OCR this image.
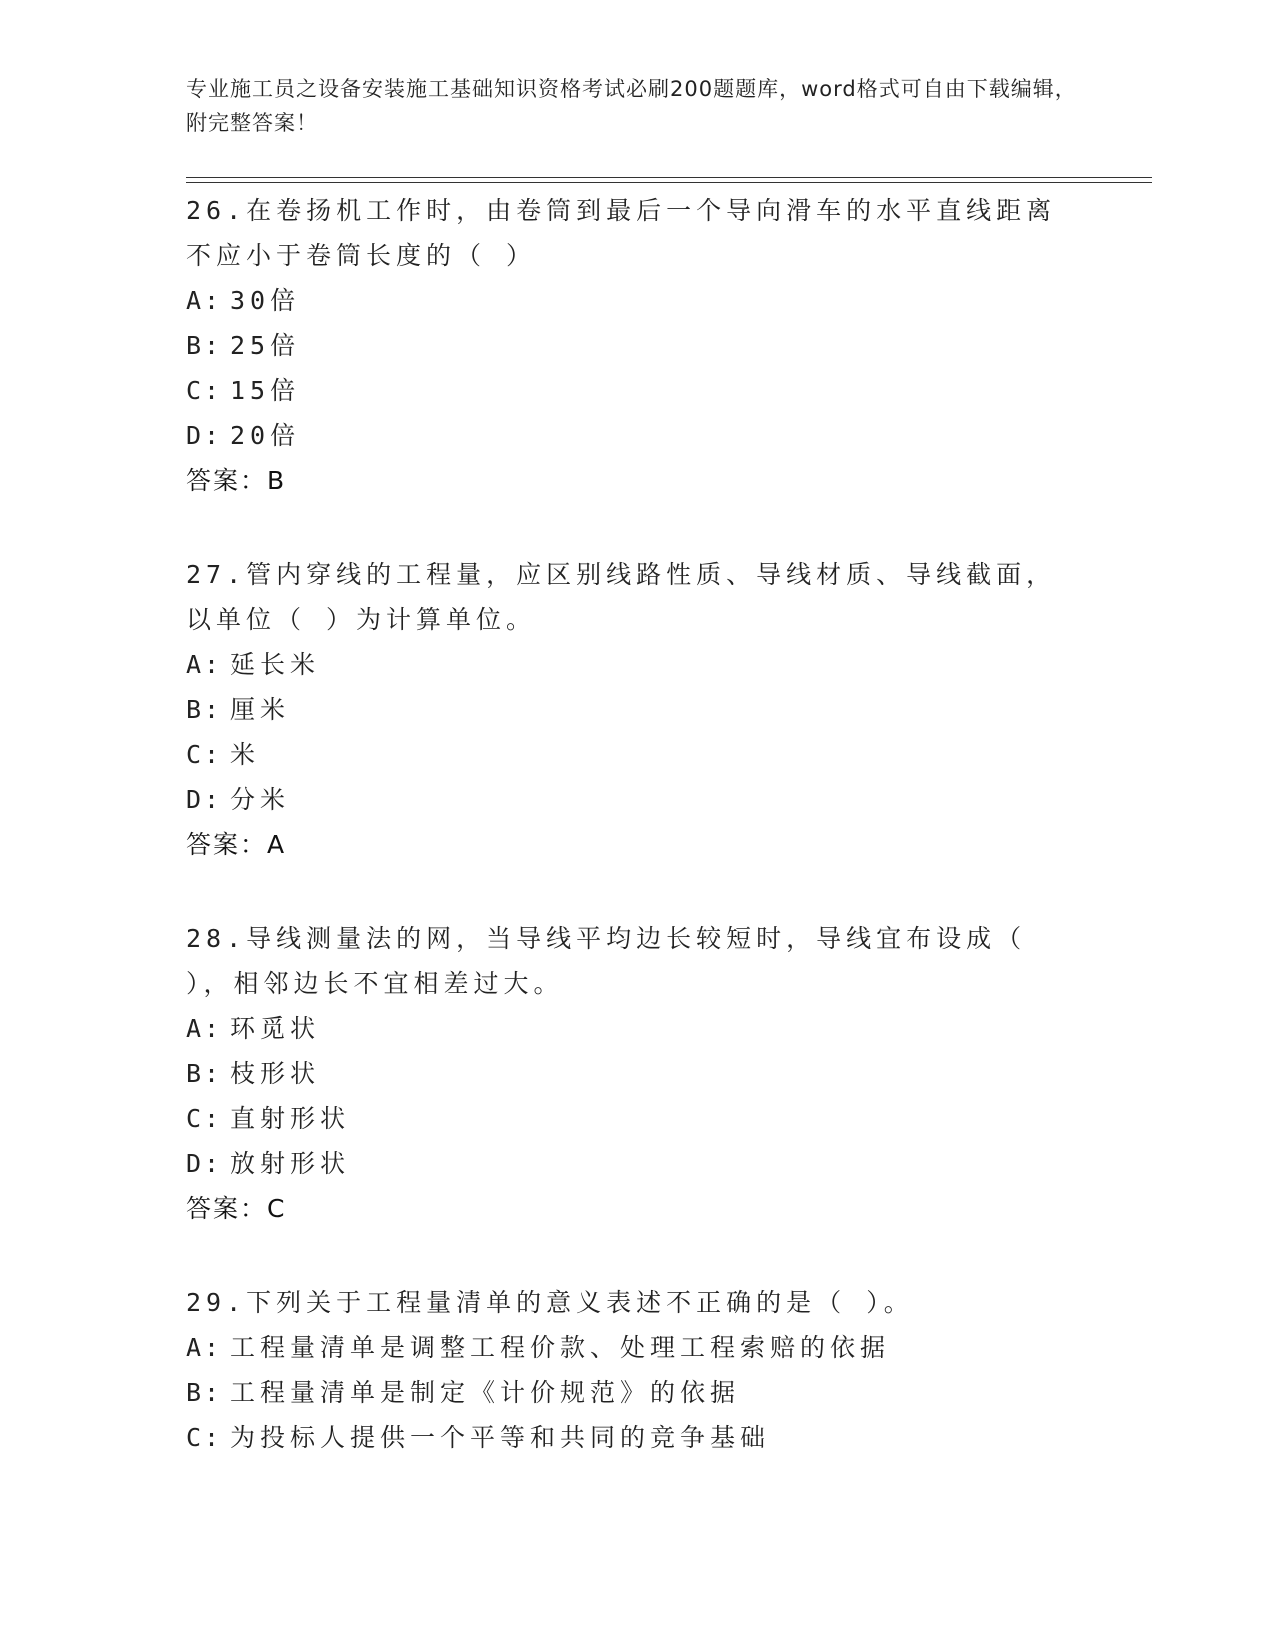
专业施工员之设备安装施工基础知识资格考试必刷200题题库，word格式可自由下载编辑，附完整答案！

26.在卷扬机工作时，由卷筒到最后一个导向滑车的水平直线距离不应小于卷筒长度的（ ）

A: 30倍
B: 25倍
C: 15倍
D: 20倍
答案： B

27.管内穿线的工程量，应区别线路性质、导线材质、导线截面，以单位（ ）为计算单位。

A: 延长米
B: 厘米
C: 米
D: 分米
答案： A

28.导线测量法的网，当导线平均边长较短时，导线宜布设成（ ），相邻边长不宜相差过大。

A: 环觅状
B: 枝形状
C: 直射形状
D: 放射形状
答案： C

29.下列关于工程量清单的意义表述不正确的是（ ）。

A: 工程量清单是调整工程价款、处理工程索赔的依据
B: 工程量清单是制定《计价规范》的依据
C: 为投标人提供一个平等和共同的竞争基础
